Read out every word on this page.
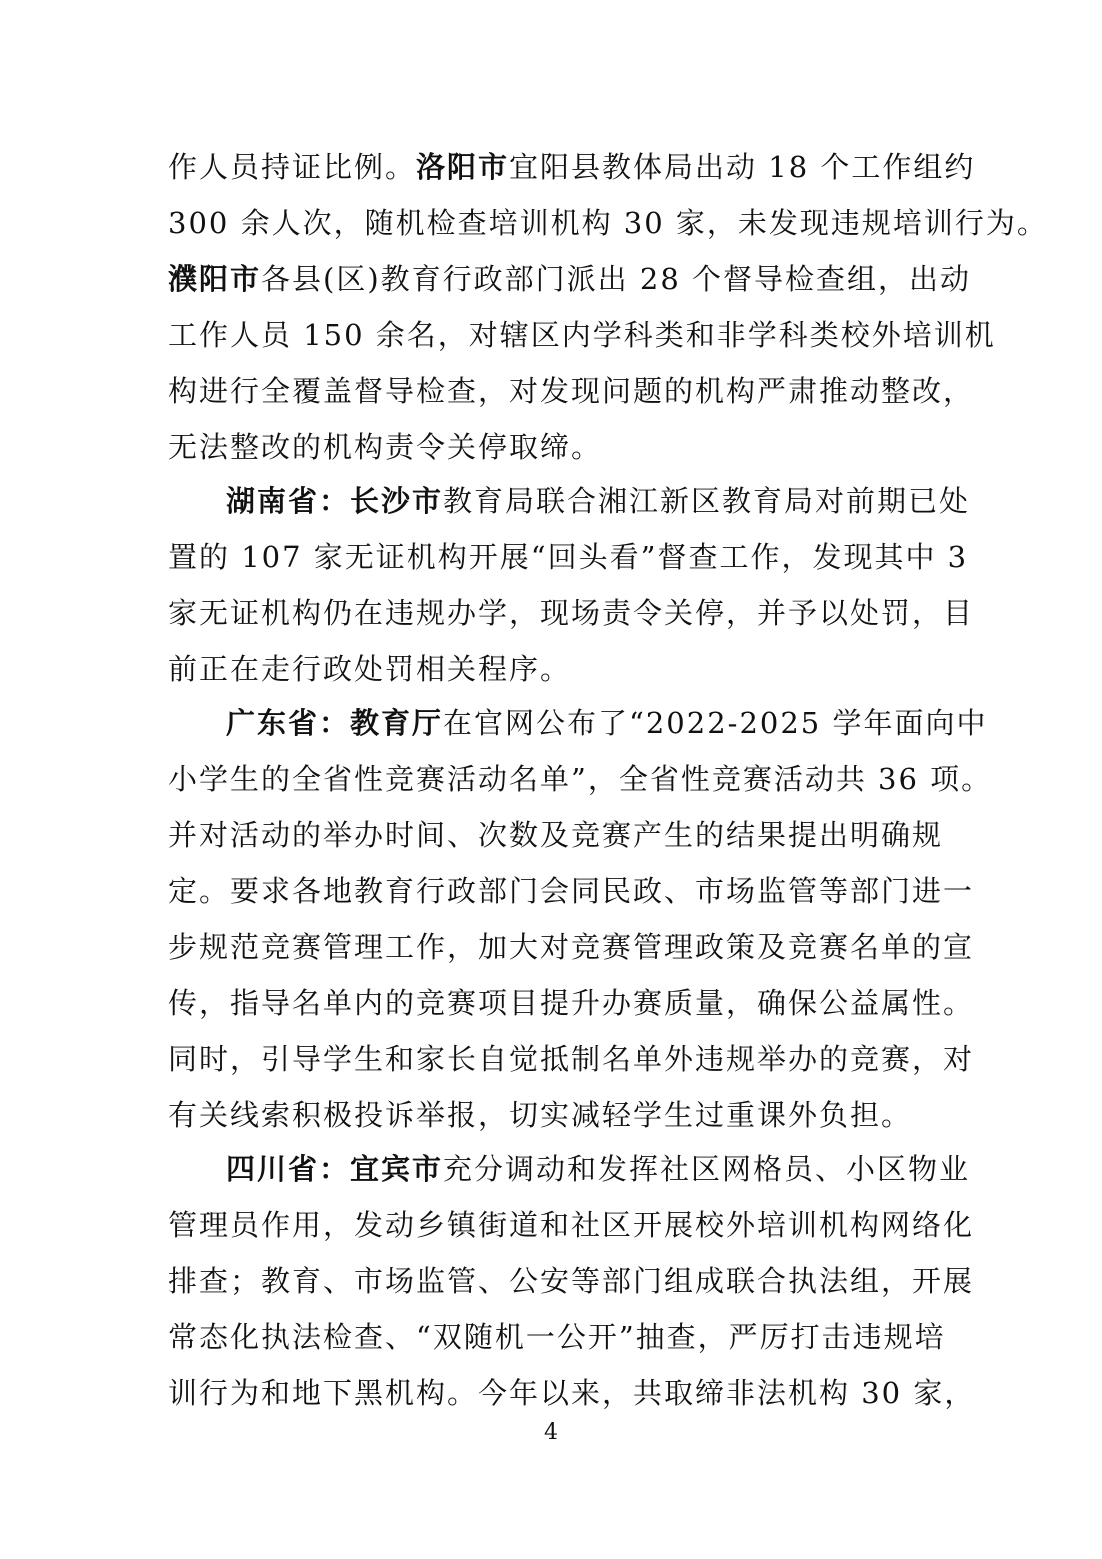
作人员持证比例。洛阳市宜阳县教体局出动 18 个工作组约
300 余人次，随机检查培训机构 30 家，未发现违规培训行为。
濮阳市各县(区)教育行政部门派出 28 个督导检查组，出动
工作人员 150 余名，对辖区内学科类和非学科类校外培训机
构进行全覆盖督导检查，对发现问题的机构严肃推动整改，
无法整改的机构责令关停取缔。
湖南省：长沙市教育局联合湘江新区教育局对前期已处
置的 107 家无证机构开展“回头看”督查工作，发现其中 3
家无证机构仍在违规办学，现场责令关停，并予以处罚，目
前正在走行政处罚相关程序。
广东省：教育厅在官网公布了“2022-2025 学年面向中
小学生的全省性竞赛活动名单”，全省性竞赛活动共 36 项。
并对活动的举办时间、次数及竞赛产生的结果提出明确规
定。要求各地教育行政部门会同民政、市场监管等部门进一
步规范竞赛管理工作，加大对竞赛管理政策及竞赛名单的宣
传，指导名单内的竞赛项目提升办赛质量，确保公益属性。
同时，引导学生和家长自觉抵制名单外违规举办的竞赛，对
有关线索积极投诉举报，切实减轻学生过重课外负担。
四川省：宜宾市充分调动和发挥社区网格员、小区物业
管理员作用，发动乡镇街道和社区开展校外培训机构网络化
排查；教育、市场监管、公安等部门组成联合执法组，开展
常态化执法检查、“双随机一公开”抽查，严厉打击违规培
训行为和地下黑机构。今年以来，共取缔非法机构 30 家，
4
